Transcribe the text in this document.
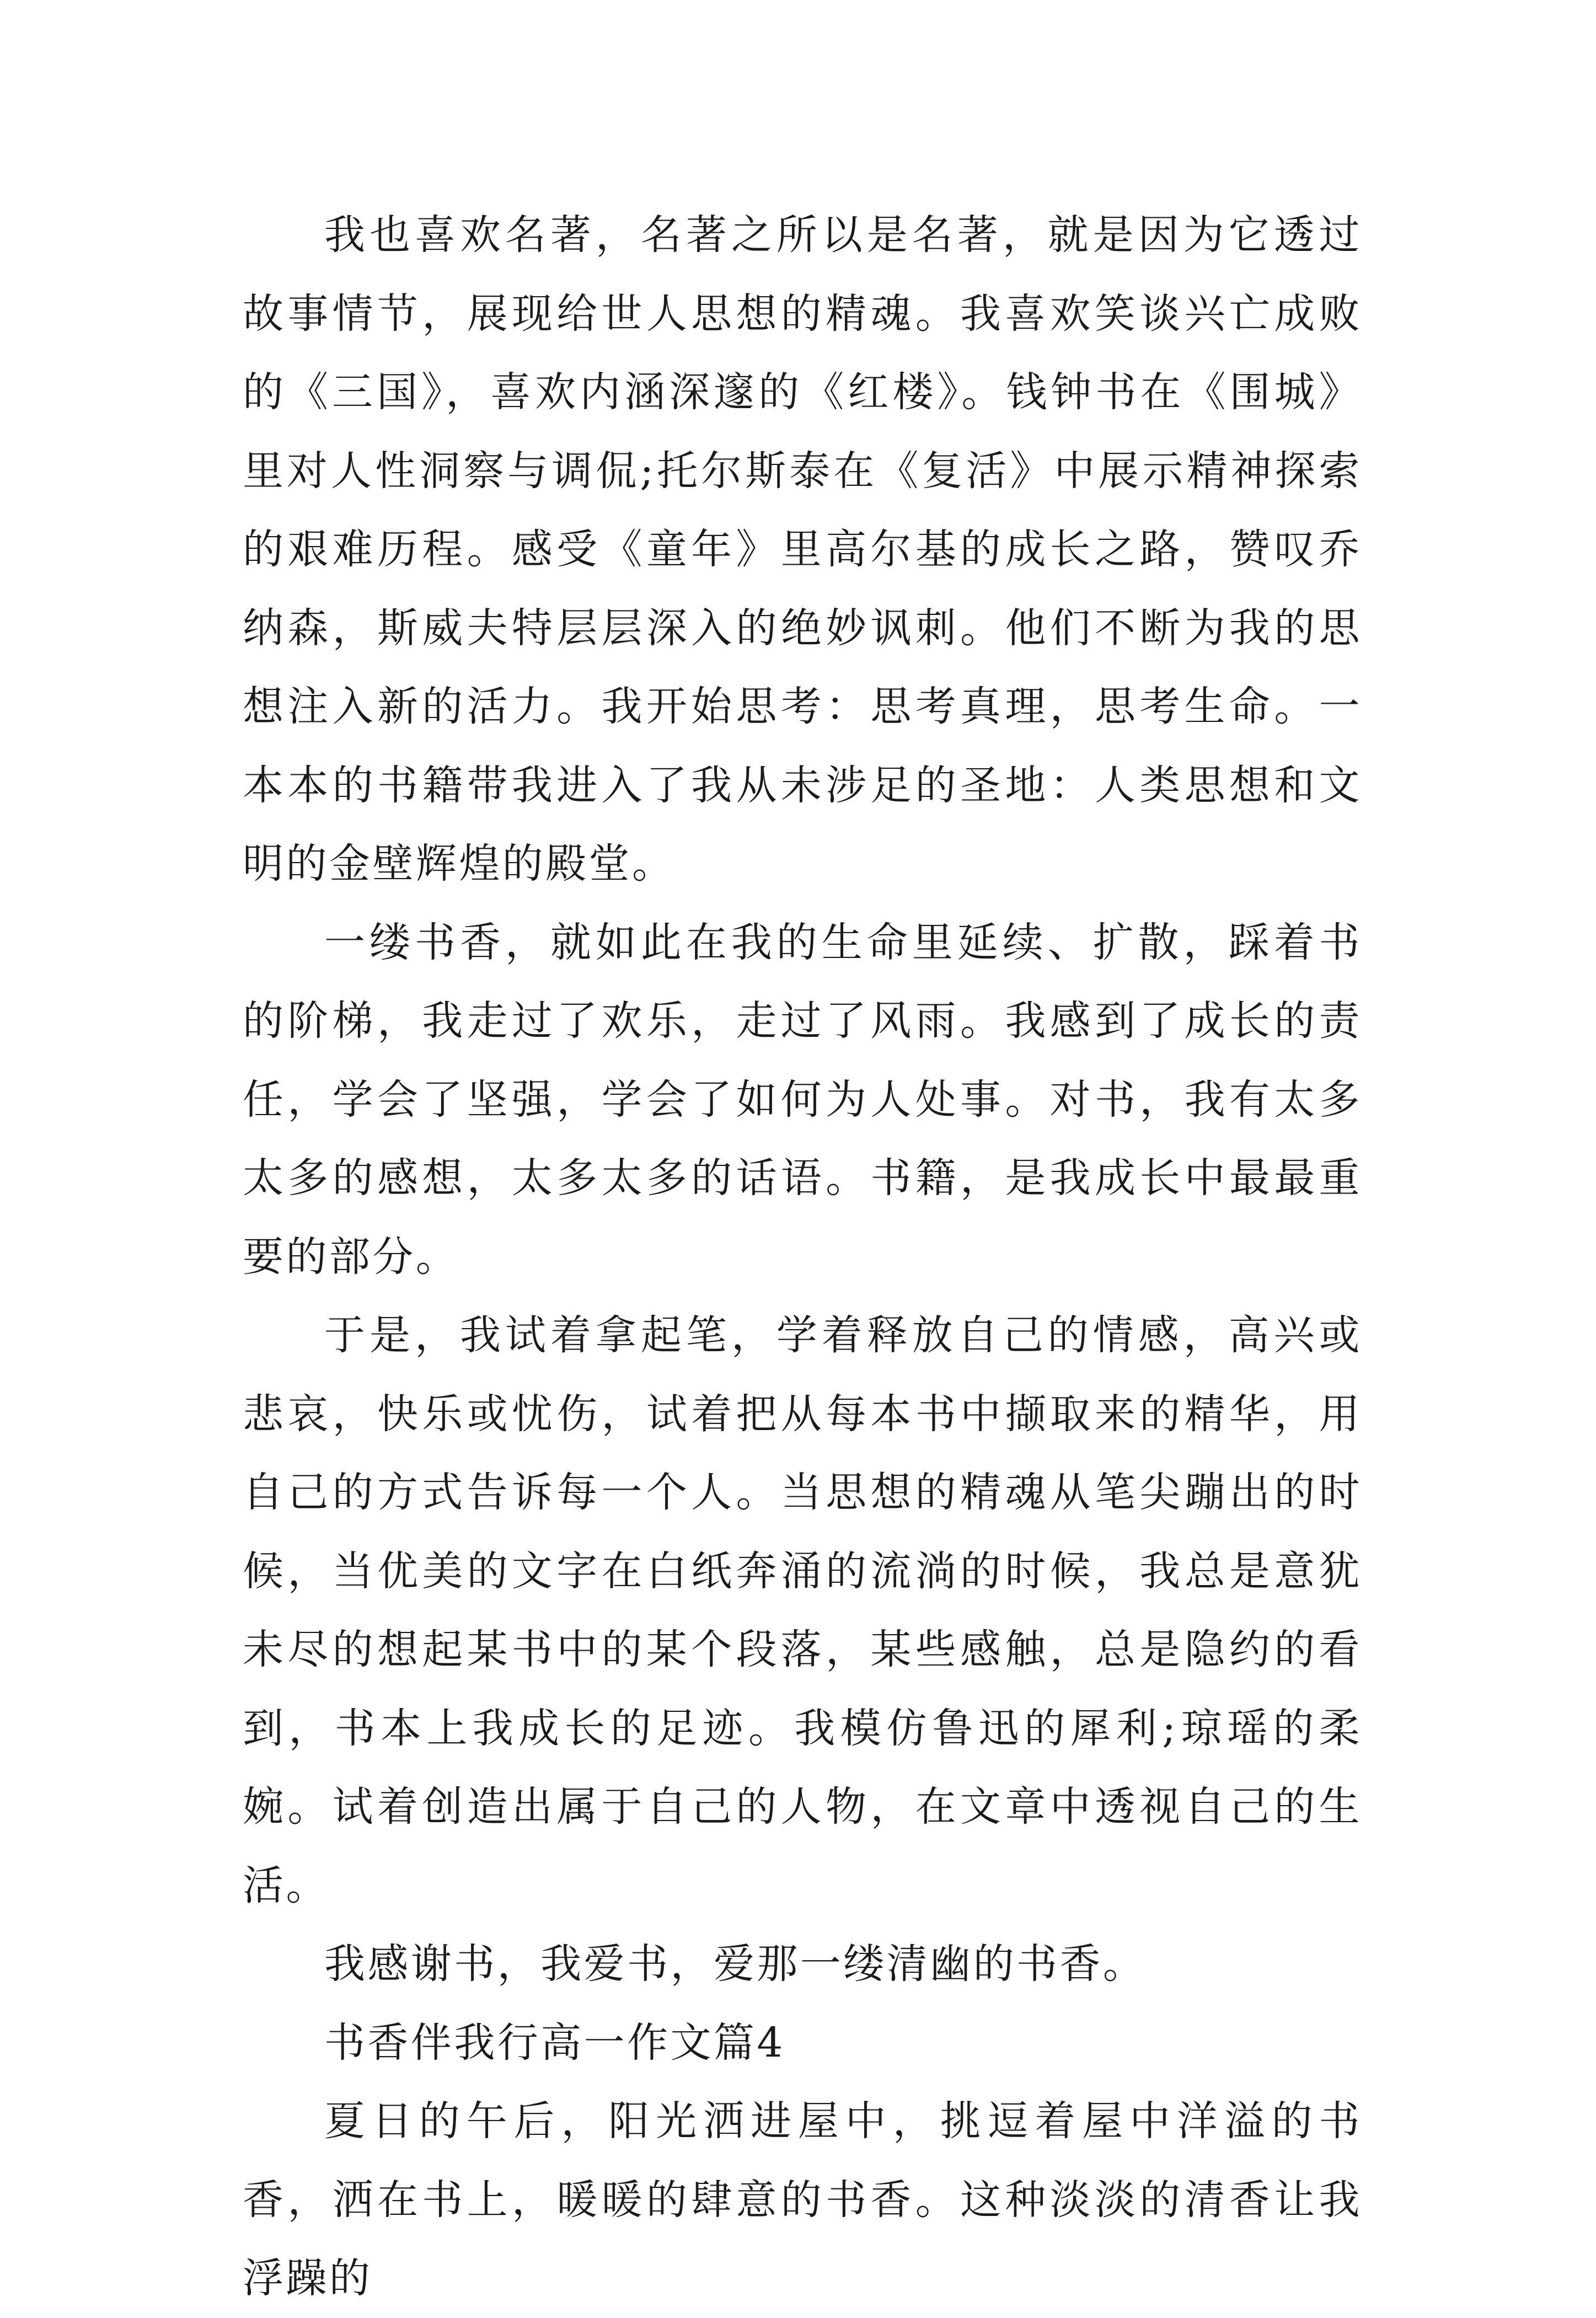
我也喜欢名著，名著之所以是名著，就是因为它透过故事情节，展现给世人思想的精魂。我喜欢笑谈兴亡成败的《三国》，喜欢内涵深邃的《红楼》。钱钟书在《围城》里对人性洞察与调侃;托尔斯泰在《复活》中展示精神探索的艰难历程。感受《童年》里高尔基的成长之路，赞叹乔纳森，斯威夫特层层深入的绝妙讽刺。他们不断为我的思想注入新的活力。我开始思考：思考真理，思考生命。一本本的书籍带我进入了我从未涉足的圣地：人类思想和文明的金壁辉煌的殿堂。

一缕书香，就如此在我的生命里延续、扩散，踩着书的阶梯，我走过了欢乐，走过了风雨。我感到了成长的责任，学会了坚强，学会了如何为人处事。对书，我有太多太多的感想，太多太多的话语。书籍，是我成长中最最重要的部分。

于是，我试着拿起笔，学着释放自己的情感，高兴或悲哀，快乐或忧伤，试着把从每本书中撷取来的精华，用自己的方式告诉每一个人。当思想的精魂从笔尖蹦出的时候，当优美的文字在白纸奔涌的流淌的时候，我总是意犹未尽的想起某书中的某个段落，某些感触，总是隐约的看到，书本上我成长的足迹。我模仿鲁迅的犀利;琼瑶的柔婉。试着创造出属于自己的人物，在文章中透视自己的生活。

我感谢书，我爱书，爱那一缕清幽的书香。

书香伴我行高一作文篇4

夏日的午后，阳光洒进屋中，挑逗着屋中洋溢的书香，洒在书上，暖暖的肆意的书香。这种淡淡的清香让我浮躁的
